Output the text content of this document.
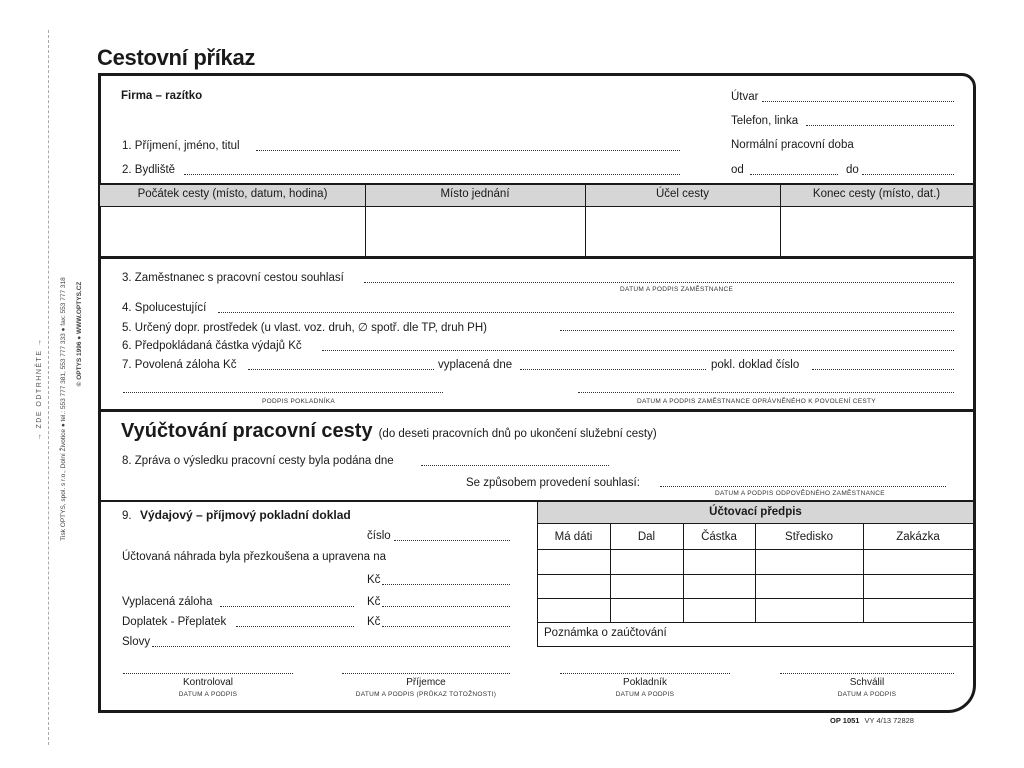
→ ZDE ODTRHNĚTE →	Tisk OPTYS, spol. s r.o., Dolní Životice ● tel.: 553 777 381, 553 777 333 ● fax: 553 777 318 © OPTYS 1996 ● WWW.OPTYS.CZ
Cestovní příkaz
Firma – razítko	Útvar
Telefon, linka
1. Příjmení, jméno, titul	Normální pracovní doba
2. Bydliště	od	do
Počátek cesty (místo, datum, hodina)	Místo jednání	Účel cesty	Konec cesty (místo, dat.)
3. Zaměstnanec s pracovní cestou souhlasí
DATUM A PODPIS ZAMĚSTNANCE
4. Spolucestující
5. Určený dopr. prostředek (u vlast. voz. druh, ∅ spotř. dle TP, druh PH)
6. Předpokládaná částka výdajů Kč
7. Povolená záloha Kč	vyplacená dne	pokl. doklad číslo
PODPIS POKLADNÍKA	DATUM A PODPIS ZAMĚSTNANCE OPRÁVNĚNÉHO K POVOLENÍ CESTY
Vyúčtování pracovní cesty (do deseti pracovních dnů po ukončení služební cesty)
8. Zpráva o výsledku pracovní cesty byla podána dne
Se způsobem provedení souhlasí:
DATUM A PODPIS ODPOVĚDNÉHO ZAMĚSTNANCE
9. Výdajový – příjmový pokladní doklad
číslo
Účtovaná náhrada byla přezkoušena a upravena na
Kč
Vyplacená záloha	Kč
Doplatek - Přeplatek	Kč
Slovy
Účtovací předpis
Má dáti	Dal	Částka	Středisko	Zakázka
Poznámka o zaúčtování
Kontroloval
DATUM A PODPIS
Příjemce
DATUM A PODPIS (PRŮKAZ TOTOŽNOSTI)
Pokladník
DATUM A PODPIS
Schválil
DATUM A PODPIS
OP 1051 VY 4/13 72828
